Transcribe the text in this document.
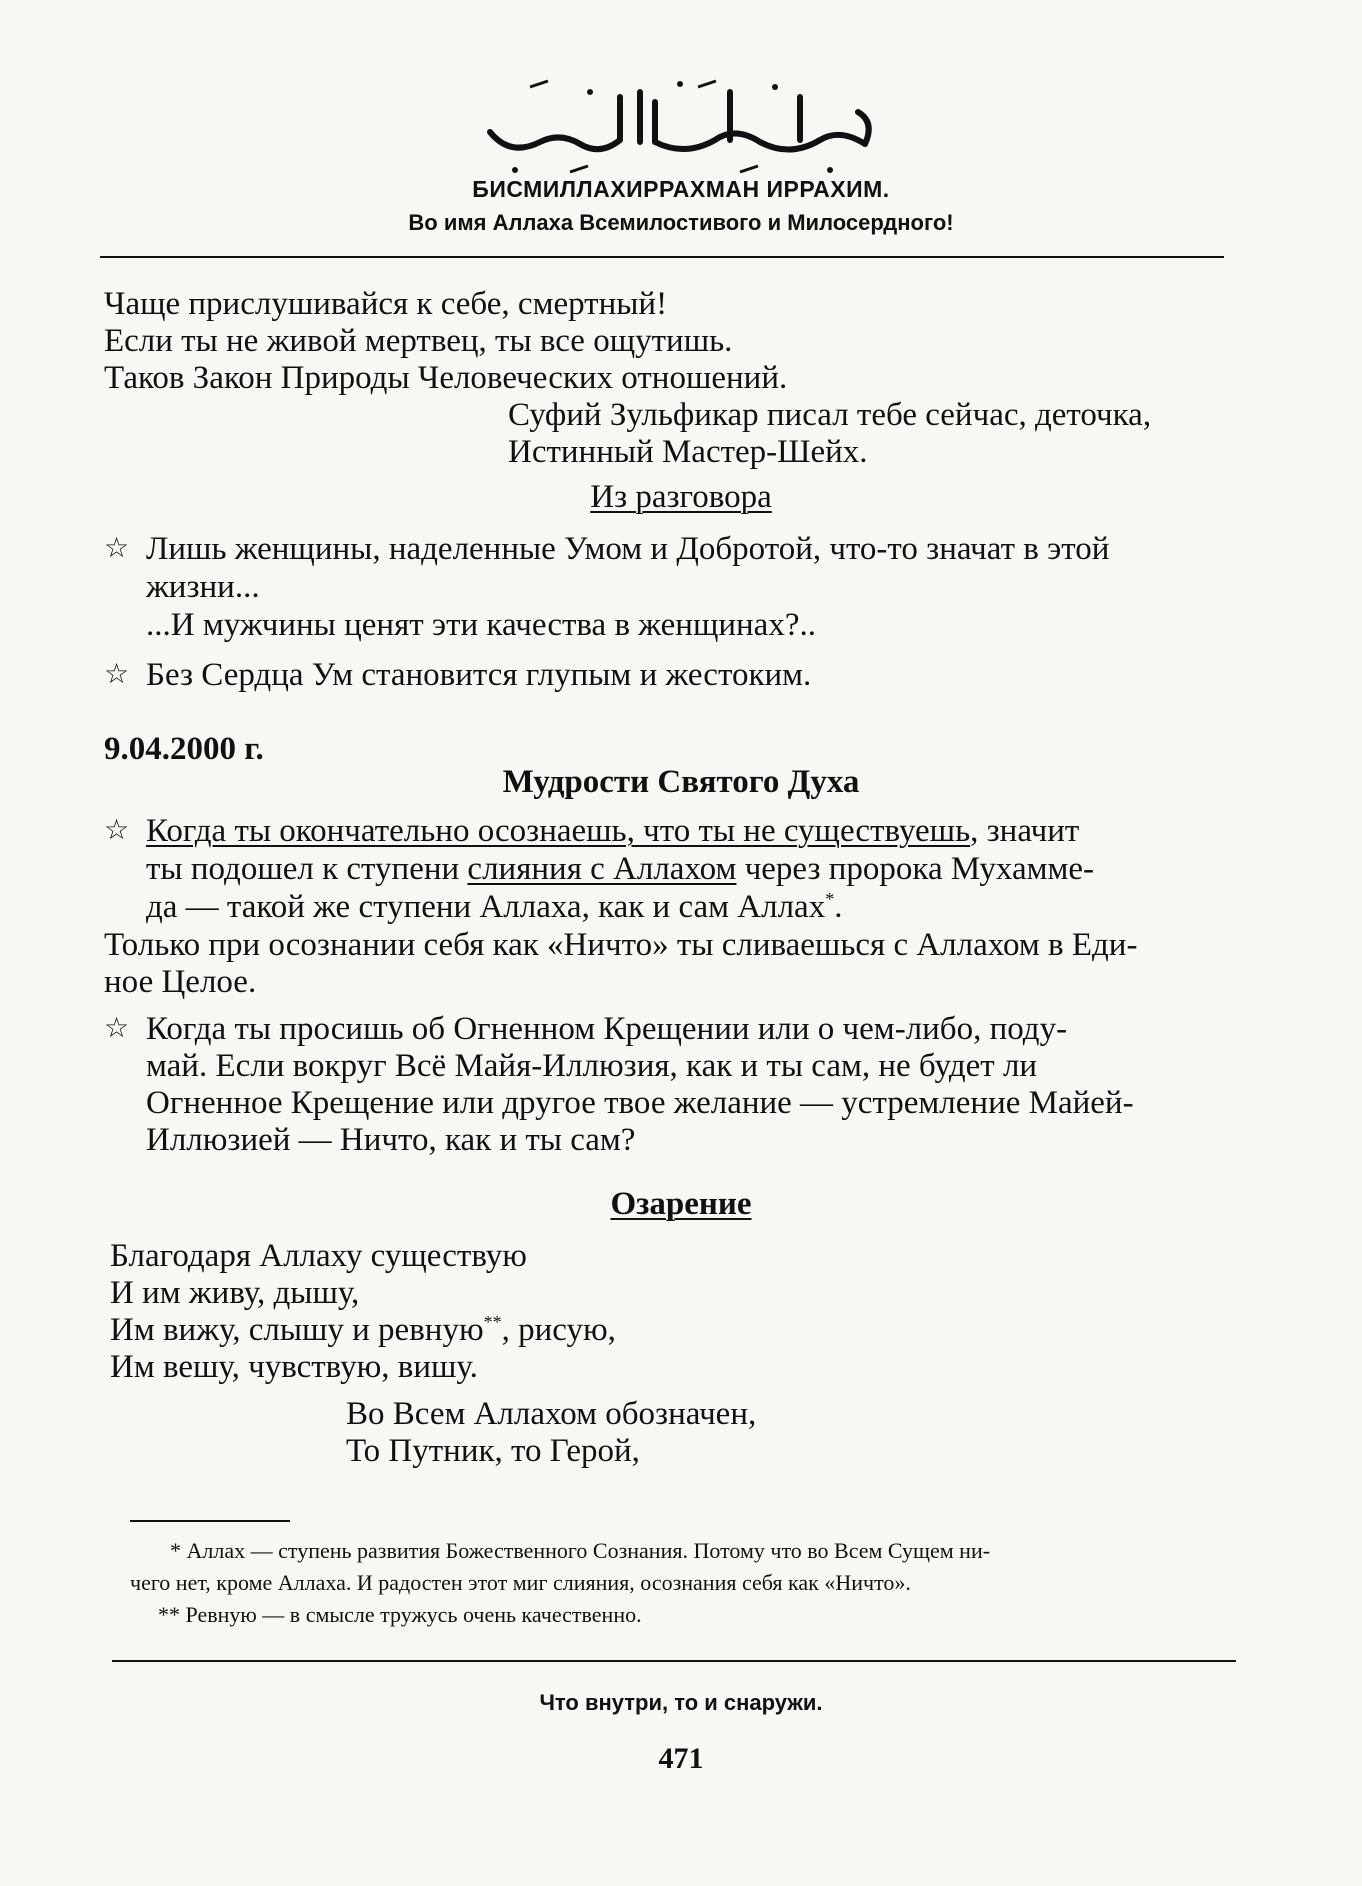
БИСМИЛЛАХИРРАХМАН ИРРАХИМ.
Во имя Аллаха Всемилостивого и Милосердного!
Чаще прислушивайся к себе, смертный!
Если ты не живой мертвец, ты все ощутишь.
Таков Закон Природы Человеческих отношений.
Суфий Зульфикар писал тебе сейчас, деточка,
Истинный Мастер-Шейх.
Из разговора
☆ Лишь женщины, наделенные Умом и Добротой, что-то значат в этой
жизни...
...И мужчины ценят эти качества в женщинах?..
☆ Без Сердца Ум становится глупым и жестоким.
9.04.2000 г.
Мудрости Святого Духа
☆ Когда ты окончательно осознаешь, что ты не существуешь, значит
ты подошел к ступени слияния с Аллахом через пророка Мухамме-
да — такой же ступени Аллаха, как и сам Аллах*.
Только при осознании себя как «Ничто» ты сливаешься с Аллахом в Еди-
ное Целое.
☆ Когда ты просишь об Огненном Крещении или о чем-либо, поду-
май. Если вокруг Всё Майя-Иллюзия, как и ты сам, не будет ли
Огненное Крещение или другое твое желание — устремление Майей-
Иллюзией — Ничто, как и ты сам?
Озарение
Благодаря Аллаху существую
И им живу, дышу,
Им вижу, слышу и ревную**, рисую,
Им вешу, чувствую, вишу.
Во Всем Аллахом обозначен,
То Путник, то Герой,
* Аллах — ступень развития Божественного Сознания. Потому что во Всем Сущем ни-
чего нет, кроме Аллаха. И радостен этот миг слияния, осознания себя как «Ничто».
** Ревную — в смысле тружусь очень качественно.
Что внутри, то и снаружи.
471
